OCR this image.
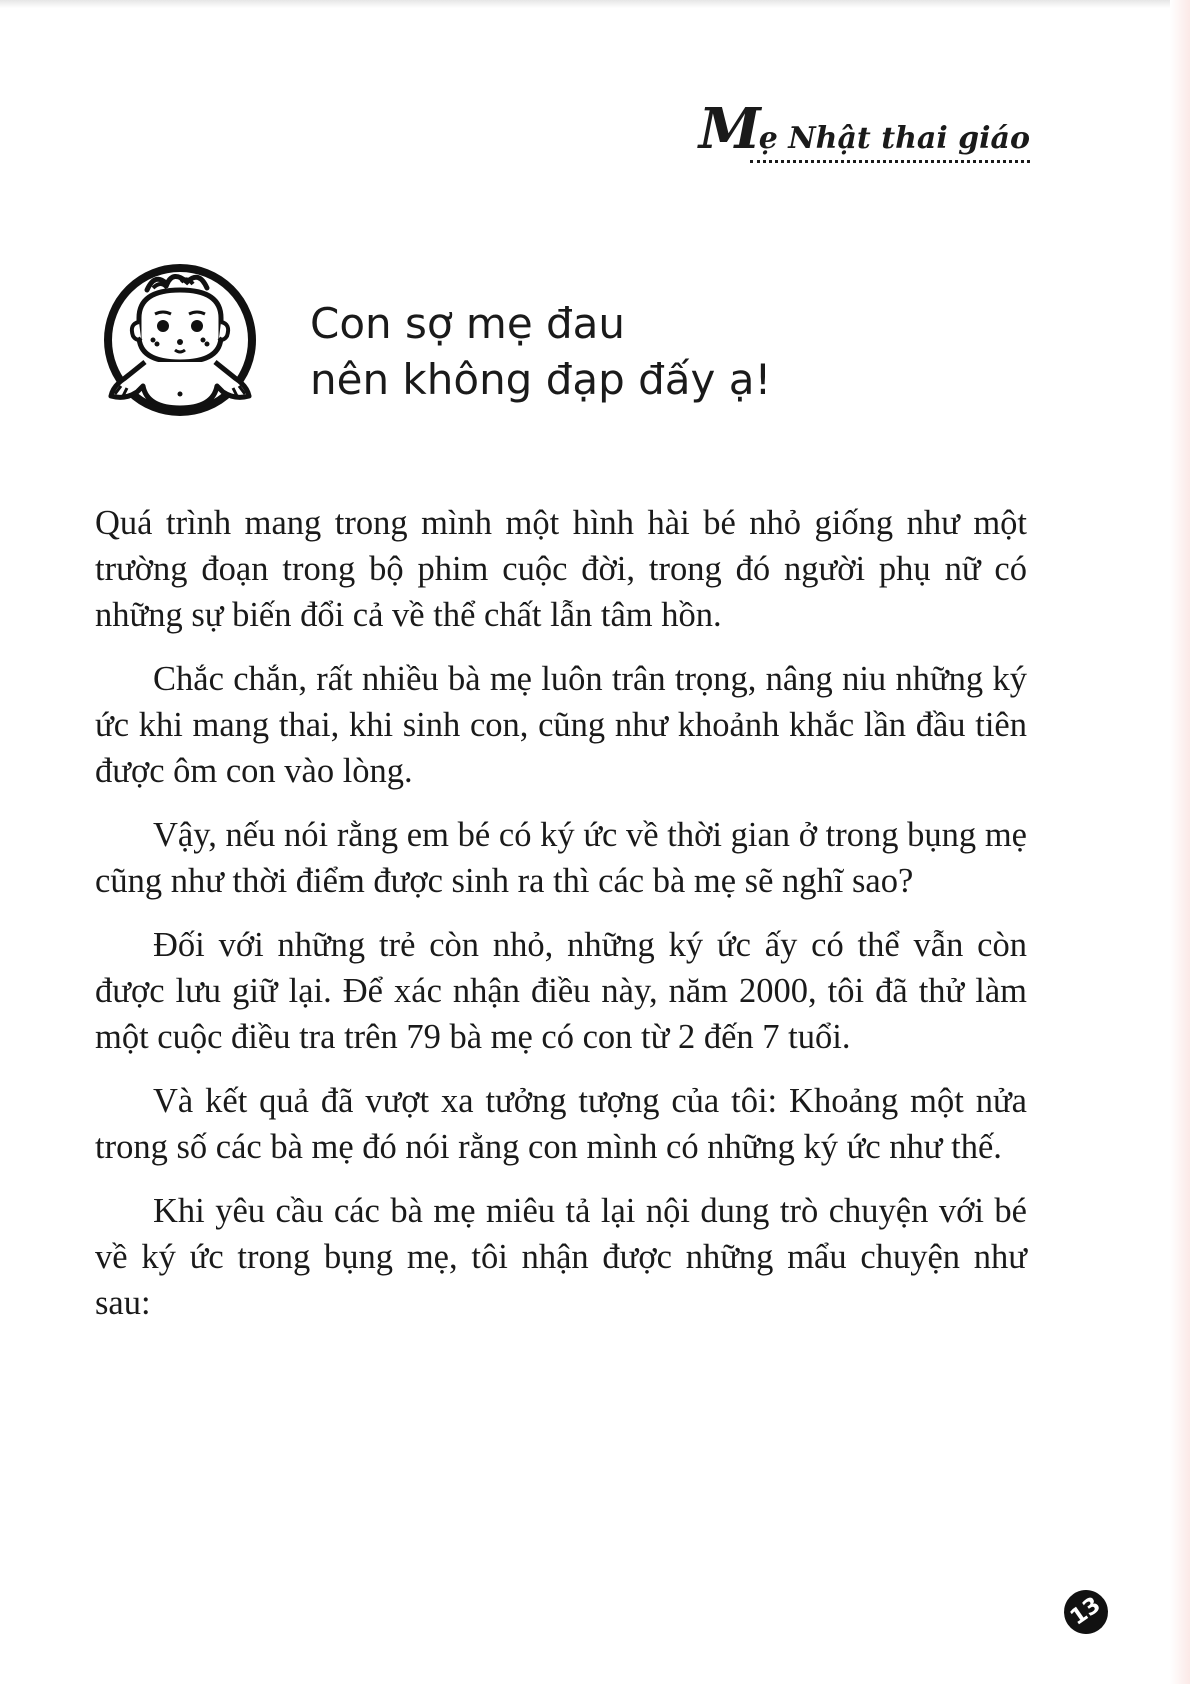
Mẹ Nhật thai giáo
Con sợ mẹ đau
nên không đạp đấy ạ!

Quá trình mang trong mình một hình hài bé nhỏ giống như một trường đoạn trong bộ phim cuộc đời, trong đó người phụ nữ có những sự biến đổi cả về thể chất lẫn tâm hồn.

Chắc chắn, rất nhiều bà mẹ luôn trân trọng, nâng niu những ký ức khi mang thai, khi sinh con, cũng như khoảnh khắc lần đầu tiên được ôm con vào lòng.

Vậy, nếu nói rằng em bé có ký ức về thời gian ở trong bụng mẹ cũng như thời điểm được sinh ra thì các bà mẹ sẽ nghĩ sao?

Đối với những trẻ còn nhỏ, những ký ức ấy có thể vẫn còn được lưu giữ lại. Để xác nhận điều này, năm 2000, tôi đã thử làm một cuộc điều tra trên 79 bà mẹ có con từ 2 đến 7 tuổi.

Và kết quả đã vượt xa tưởng tượng của tôi: Khoảng một nửa trong số các bà mẹ đó nói rằng con mình có những ký ức như thế.

Khi yêu cầu các bà mẹ miêu tả lại nội dung trò chuyện với bé về ký ức trong bụng mẹ, tôi nhận được những mẩu chuyện như sau:

13
